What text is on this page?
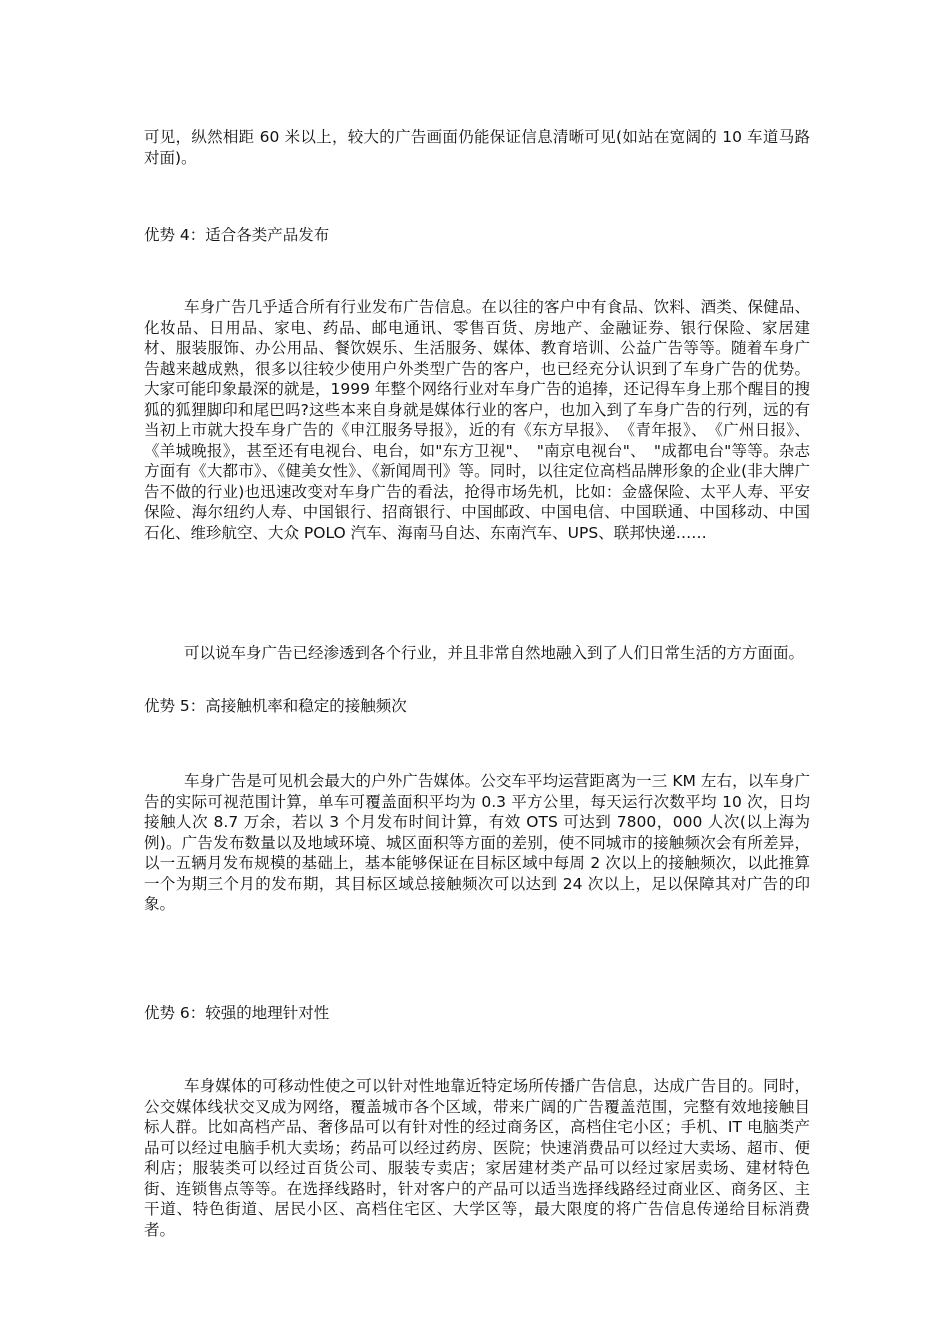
可见，纵然相距 60 米以上，较大的广告画面仍能保证信息清晰可见(如站在宽阔的 10 车道马路对面)。

优势 4：适合各类产品发布

车身广告几乎适合所有行业发布广告信息。在以往的客户中有食品、饮料、酒类、保健品、化妆品、日用品、家电、药品、邮电通讯、零售百货、房地产、金融证券、银行保险、家居建材、服装服饰、办公用品、餐饮娱乐、生活服务、媒体、教育培训、公益广告等等。随着车身广告越来越成熟，很多以往较少使用户外类型广告的客户，也已经充分认识到了车身广告的优势。大家可能印象最深的就是，1999 年整个网络行业对车身广告的追捧，还记得车身上那个醒目的搜狐的狐狸脚印和尾巴吗?这些本来自身就是媒体行业的客户，也加入到了车身广告的行列，远的有当初上市就大投车身广告的《申江服务导报》，近的有《东方早报》、　《青年报》、　《广州日报》、《羊城晚报》，甚至还有电视台、电台，如"东方卫视"、　"南京电视台"、　"成都电台"等等。杂志方面有《大都市》、《健美女性》、《新闻周刊》等。同时，以往定位高档品牌形象的企业(非大牌广告不做的行业)也迅速改变对车身广告的看法，抢得市场先机，比如：金盛保险、太平人寿、平安保险、海尔纽约人寿、中国银行、招商银行、中国邮政、中国电信、中国联通、中国移动、中国石化、维珍航空、大众 POLO 汽车、海南马自达、东南汽车、UPS、联邦快递……

可以说车身广告已经渗透到各个行业，并且非常自然地融入到了人们日常生活的方方面面。

优势 5：高接触机率和稳定的接触频次

车身广告是可见机会最大的户外广告媒体。公交车平均运营距离为一三 KM 左右，以车身广告的实际可视范围计算，单车可覆盖面积平均为 0.3 平方公里，每天运行次数平均 10 次，日均接触人次 8.7 万余，若以 3 个月发布时间计算，有效 OTS 可达到 7800，000 人次(以上海为例)。广告发布数量以及地域环境、城区面积等方面的差别，使不同城市的接触频次会有所差异，以一五辆月发布规模的基础上，基本能够保证在目标区域中每周 2 次以上的接触频次，以此推算一个为期三个月的发布期，其目标区域总接触频次可以达到 24 次以上，足以保障其对广告的印象。

优势 6：较强的地理针对性

车身媒体的可移动性使之可以针对性地靠近特定场所传播广告信息，达成广告目的。同时，公交媒体线状交叉成为网络，覆盖城市各个区域，带来广阔的广告覆盖范围，完整有效地接触目标人群。比如高档产品、奢侈品可以有针对性的经过商务区，高档住宅小区；手机、IT 电脑类产品可以经过电脑手机大卖场；药品可以经过药房、医院；快速消费品可以经过大卖场、超市、便利店；服装类可以经过百货公司、服装专卖店；家居建材类产品可以经过家居卖场、建材特色街、连锁售点等等。在选择线路时，针对客户的产品可以适当选择线路经过商业区、商务区、主干道、特色街道、居民小区、高档住宅区、大学区等，最大限度的将广告信息传递给目标消费者。
